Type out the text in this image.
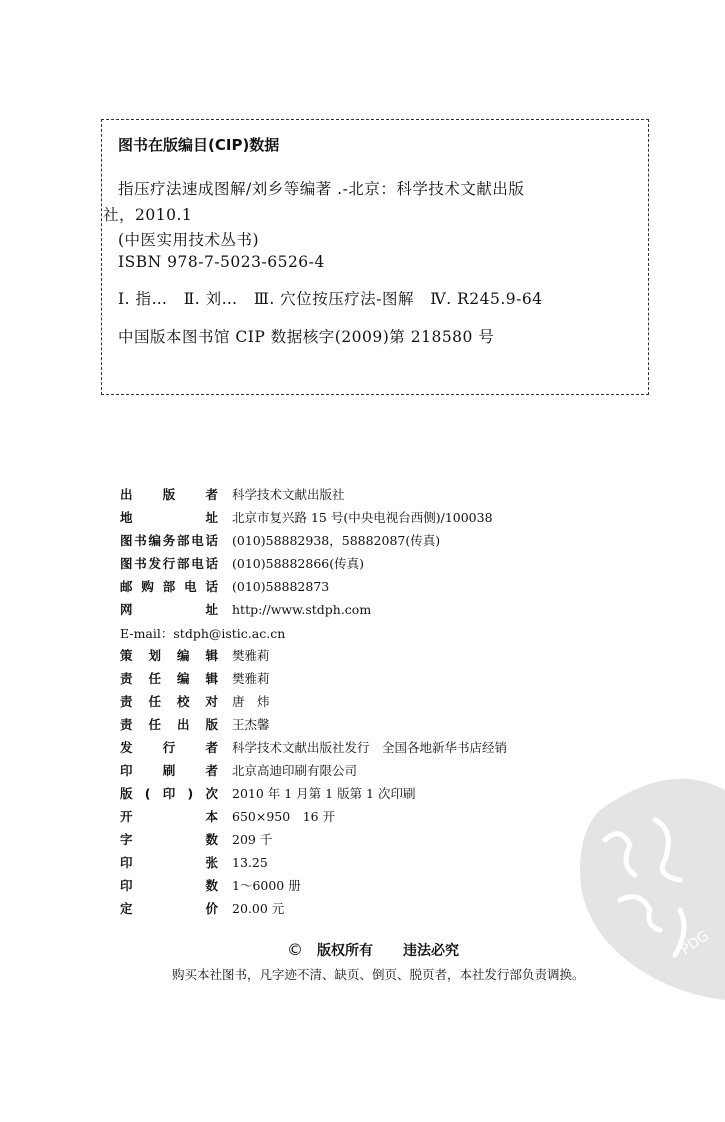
图书在版编目(CIP)数据
指压疗法速成图解/刘乡等编著 .-北京：科学技术文献出版
社，2010.1
(中医实用技术丛书)
ISBN 978-7-5023-6526-4
Ⅰ. 指…   Ⅱ. 刘…   Ⅲ. 穴位按压疗法-图解   Ⅳ. R245.9-64
中国版本图书馆 CIP 数据核字(2009)第 218580 号
出版者 科学技术文献出版社
地址 北京市复兴路 15 号(中央电视台西侧)/100038
图书编务部电话 (010)58882938，58882087(传真)
图书发行部电话 (010)58882866(传真)
邮购部电话 (010)58882873
网址 http://www.stdph.com
E-mail：stdph@istic.ac.cn
策划编辑 樊雅莉
责任编辑 樊雅莉
责任校对 唐　炜
责任出版 王杰馨
发行者 科学技术文献出版社发行　全国各地新华书店经销
印刷者 北京高迪印刷有限公司
版(印)次 2010 年 1 月第 1 版第 1 次印刷
开本 650×950　16 开
字数 209 千
印张 13.25
印数 1～6000 册
定价 20.00 元
PDG
© 版权所有 违法必究
购买本社图书，凡字迹不清、缺页、倒页、脱页者，本社发行部负责调换。
